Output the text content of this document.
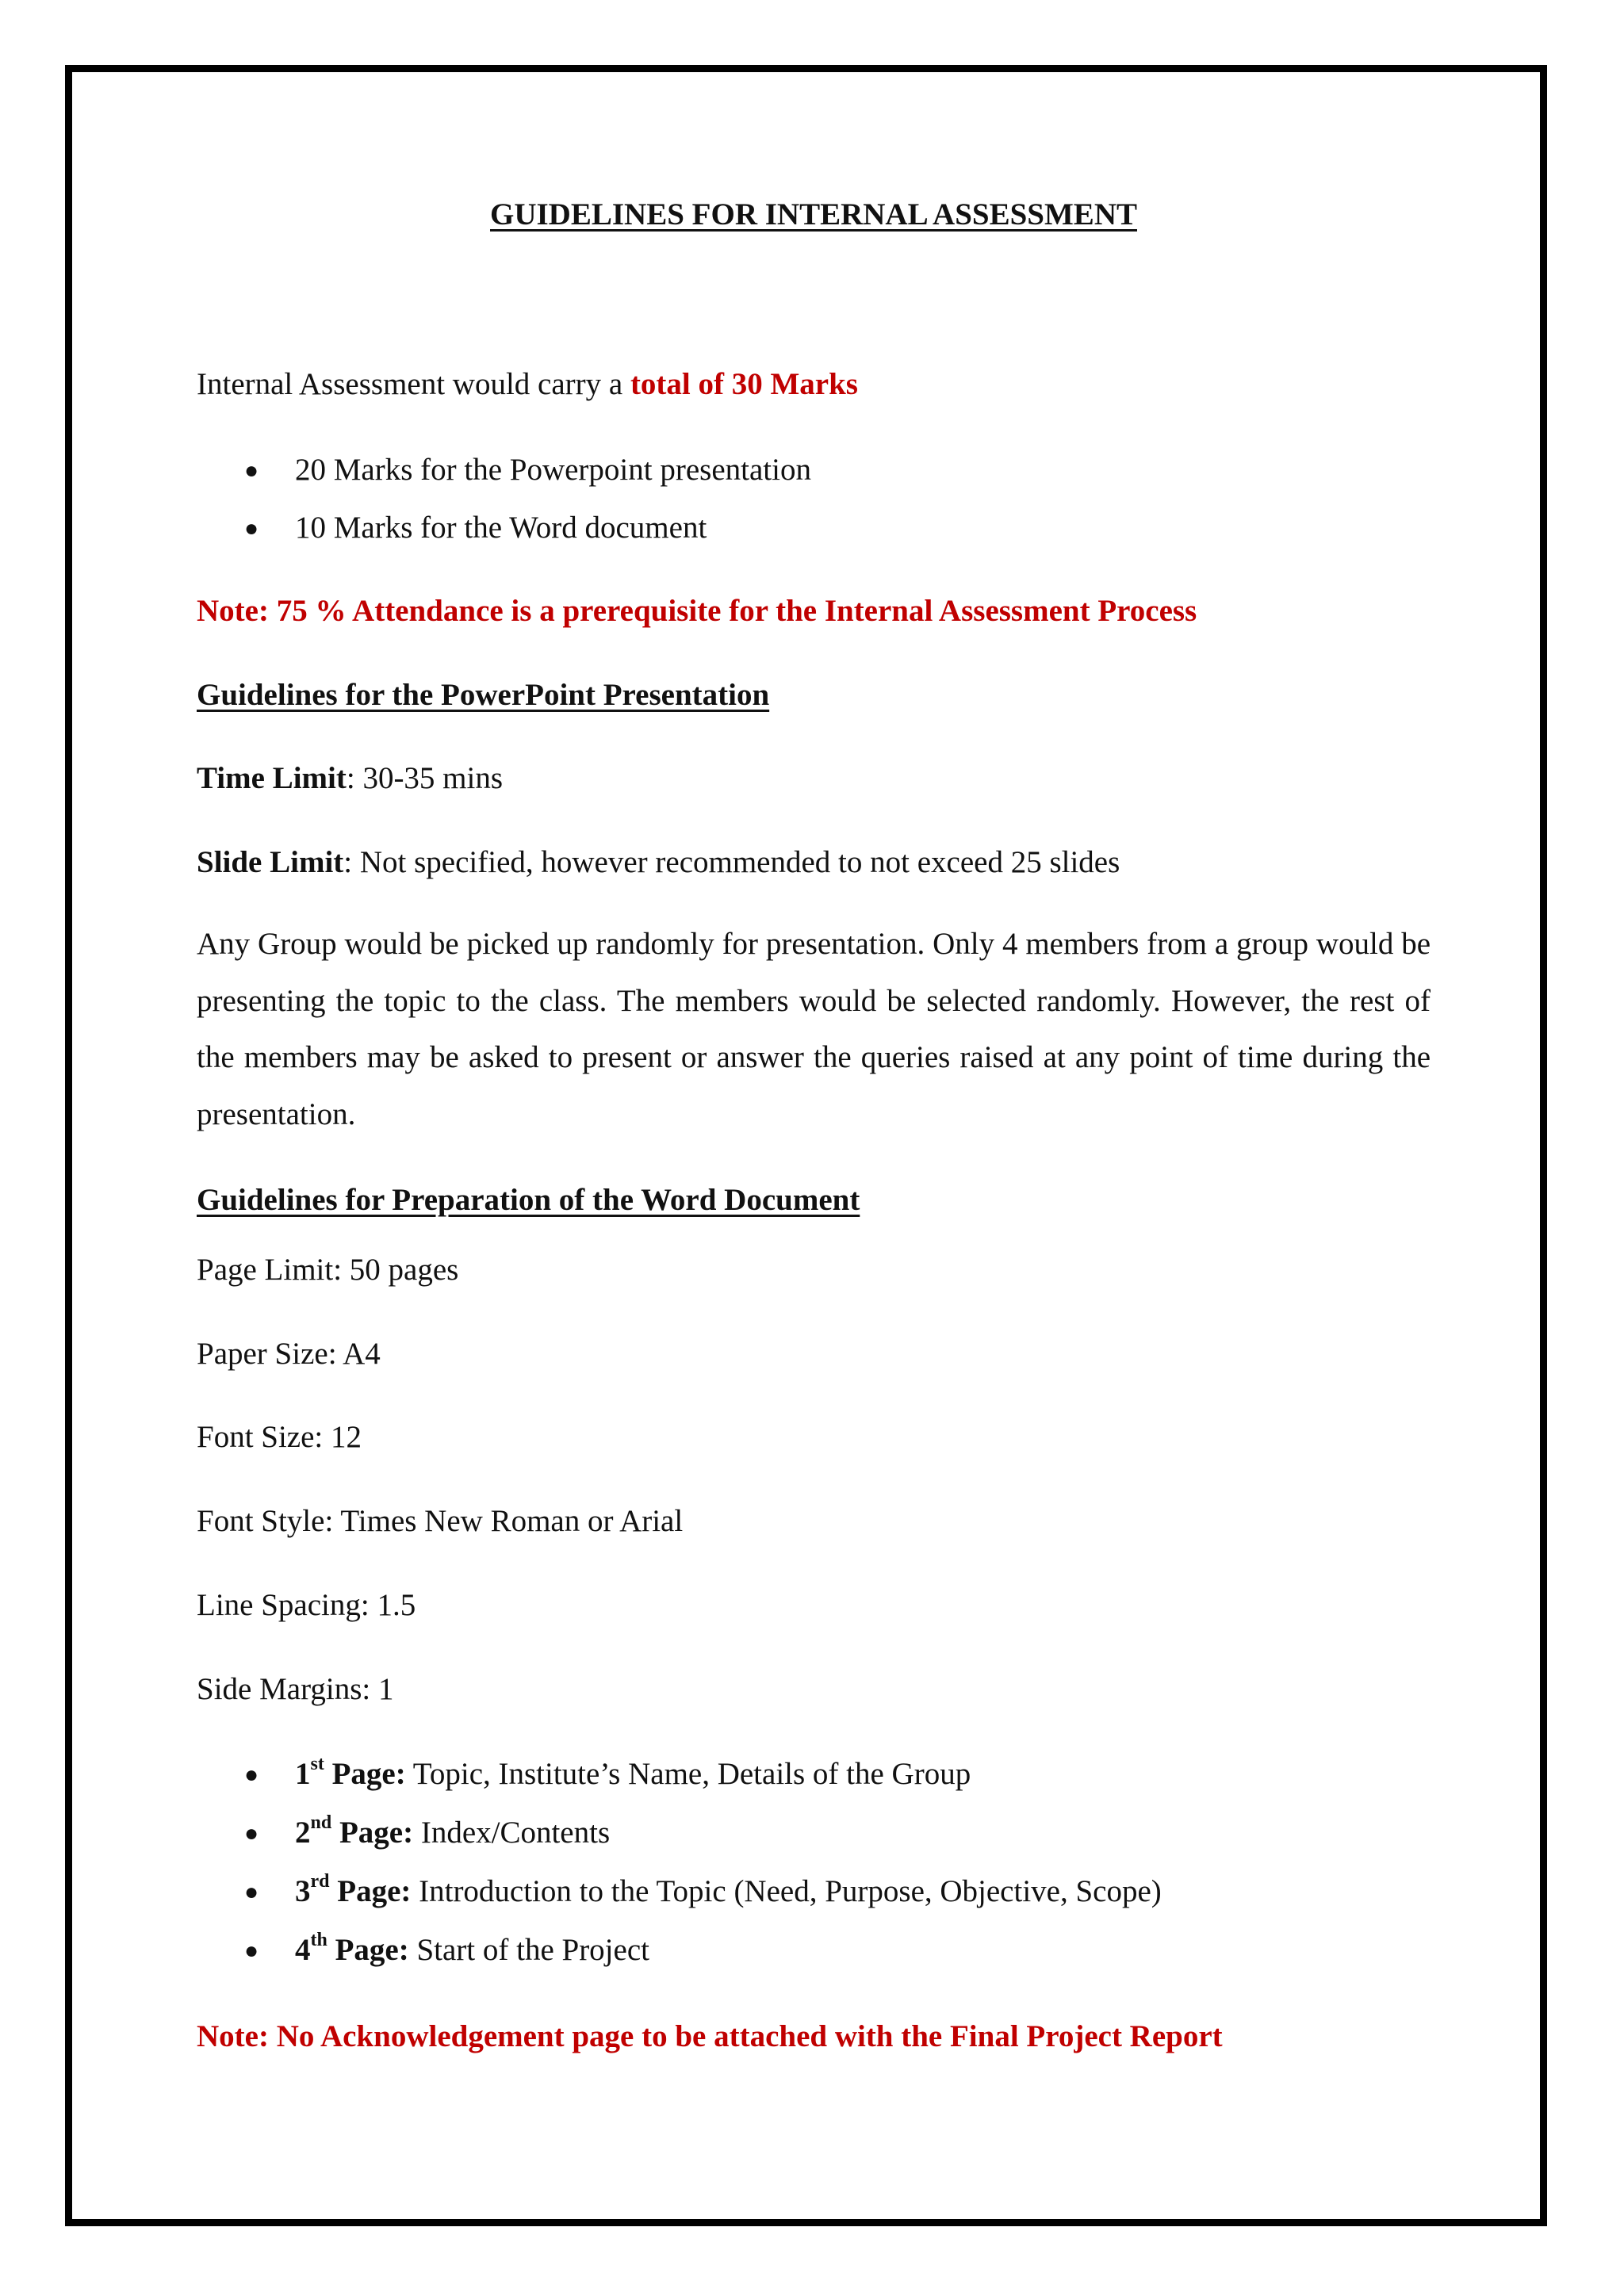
GUIDELINES FOR INTERNAL ASSESSMENT
Internal Assessment would carry a total of 30 Marks
● 20 Marks for the Powerpoint presentation
● 10 Marks for the Word document
Note: 75 % Attendance is a prerequisite for the Internal Assessment Process
Guidelines for the PowerPoint Presentation
Time Limit: 30-35 mins
Slide Limit: Not specified, however recommended to not exceed 25 slides
Any Group would be picked up randomly for presentation. Only 4 members from a group would be presenting the topic to the class. The members would be selected randomly. However, the rest of the members may be asked to present or answer the queries raised at any point of time during the presentation.
Guidelines for Preparation of the Word Document
Page Limit: 50 pages
Paper Size: A4
Font Size: 12
Font Style: Times New Roman or Arial
Line Spacing: 1.5
Side Margins: 1
● 1st Page: Topic, Institute’s Name, Details of the Group
● 2nd Page: Index/Contents
● 3rd Page: Introduction to the Topic (Need, Purpose, Objective, Scope)
● 4th Page: Start of the Project
Note: No Acknowledgement page to be attached with the Final Project Report
